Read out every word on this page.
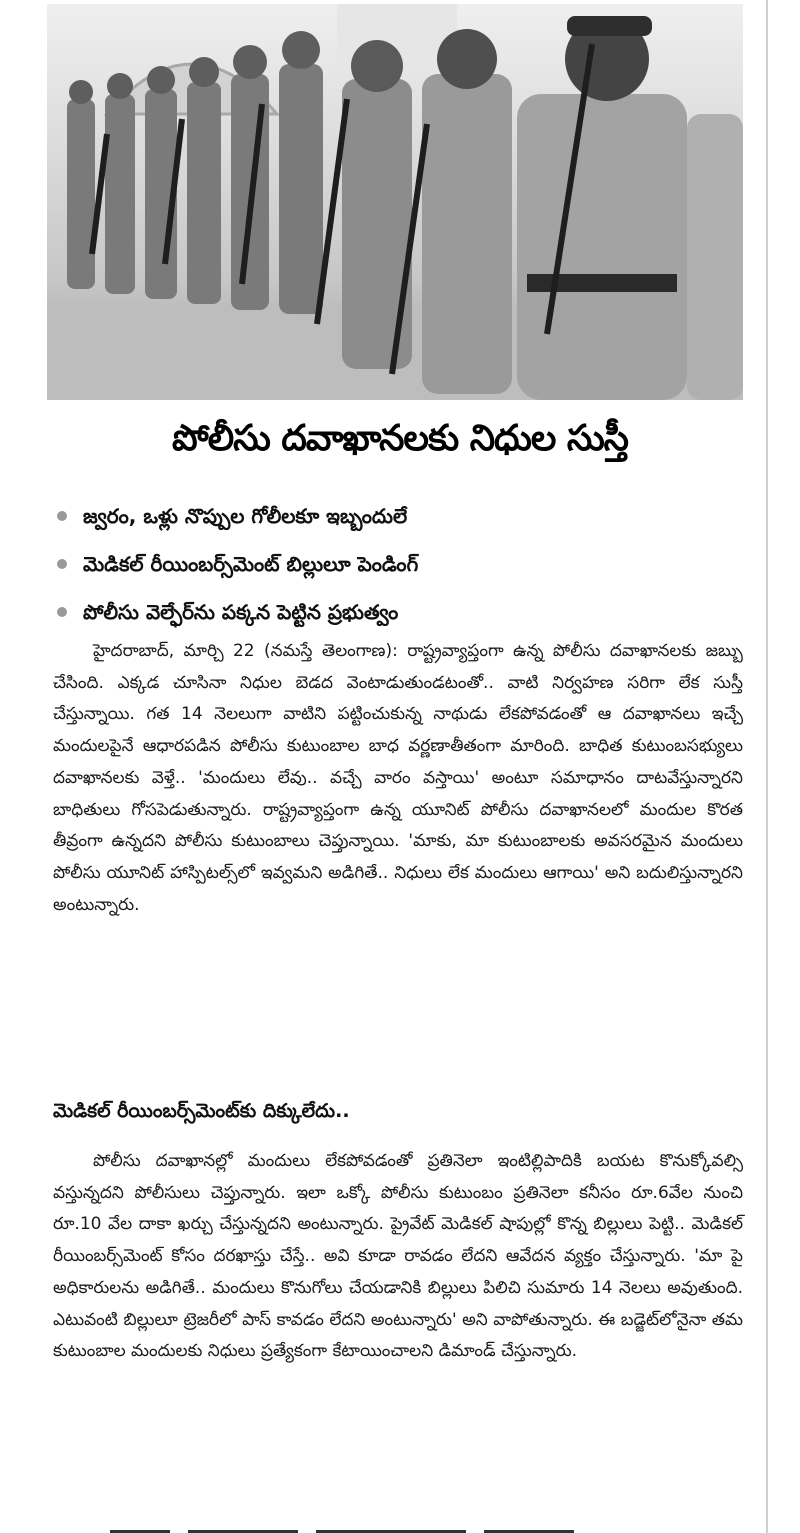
పోలీసు దవాఖానలకు నిధుల సుస్తీ
జ్వరం, ఒళ్లు నొప్పుల గోలీలకూ ఇబ్బందులే
మెడికల్ రీయింబర్స్‌మెంట్ బిల్లులూ పెండింగ్
పోలీసు వెల్ఫేర్‌ను పక్కన పెట్టిన ప్రభుత్వం

హైదరాబాద్, మార్చి 22 (నమస్తే తెలంగాణ): రాష్ట్రవ్యాప్తంగా ఉన్న పోలీసు దవాఖానలకు జబ్బు చేసింది. ఎక్కడ చూసినా నిధుల బెడద వెంటాడుతుండటంతో.. వాటి నిర్వహణ సరిగా లేక సుస్తీ చేస్తున్నాయి. గత 14 నెలలుగా వాటిని పట్టించుకున్న నాథుడు లేకపోవడంతో ఆ దవాఖానలు ఇచ్చే మందులపైనే ఆధారపడిన పోలీసు కుటుంబాల బాధ వర్ణణాతీతంగా మారింది. బాధిత కుటుంబసభ్యులు దవాఖానలకు వెళ్తే.. 'మందులు లేవు.. వచ్చే వారం వస్తాయి' అంటూ సమాధానం దాటవేస్తున్నారని బాధితులు గోసపెడుతున్నారు. రాష్ట్రవ్యాప్తంగా ఉన్న యూనిట్ పోలీసు దవాఖానలలో మందుల కొరత తీవ్రంగా ఉన్నదని పోలీసు కుటుంబాలు చెప్తున్నాయి. 'మాకు, మా కుటుంబాలకు అవసరమైన మందులు పోలీసు యూనిట్ హాస్పిటల్స్‌లో ఇవ్వమని అడిగితే.. నిధులు లేక మందులు ఆగాయి' అని బదులిస్తున్నారని అంటున్నారు.

మెడికల్ రీయింబర్స్‌మెంట్‌కు దిక్కులేదు..

పోలీసు దవాఖానల్లో మందులు లేకపోవడంతో ప్రతినెలా ఇంటిల్లిపాదికి బయట కొనుక్కోవల్సి వస్తున్నదని పోలీసులు చెప్తున్నారు. ఇలా ఒక్కో పోలీసు కుటుంబం ప్రతినెలా కనీసం రూ.6వేల నుంచి రూ.10 వేల దాకా ఖర్చు చేస్తున్నదని అంటున్నారు. ప్రైవేట్ మెడికల్ షాపుల్లో కొన్న బిల్లులు పెట్టి.. మెడికల్ రీయింబర్స్‌మెంట్ కోసం దరఖాస్తు చేస్తే.. అవి కూడా రావడం లేదని ఆవేదన వ్యక్తం చేస్తున్నారు. 'మా పై అధికారులను అడిగితే.. మందులు కొనుగోలు చేయడానికి బిల్లులు పిలిచి సుమారు 14 నెలలు అవుతుంది. ఎటువంటి బిల్లులూ ట్రెజరీలో పాస్ కావడం లేదని అంటున్నారు' అని వాపోతున్నారు. ఈ బడ్జెట్‌లోనైనా తమ కుటుంబాల మందులకు నిధులు ప్రత్యేకంగా కేటాయించాలని డిమాండ్ చేస్తున్నారు.
